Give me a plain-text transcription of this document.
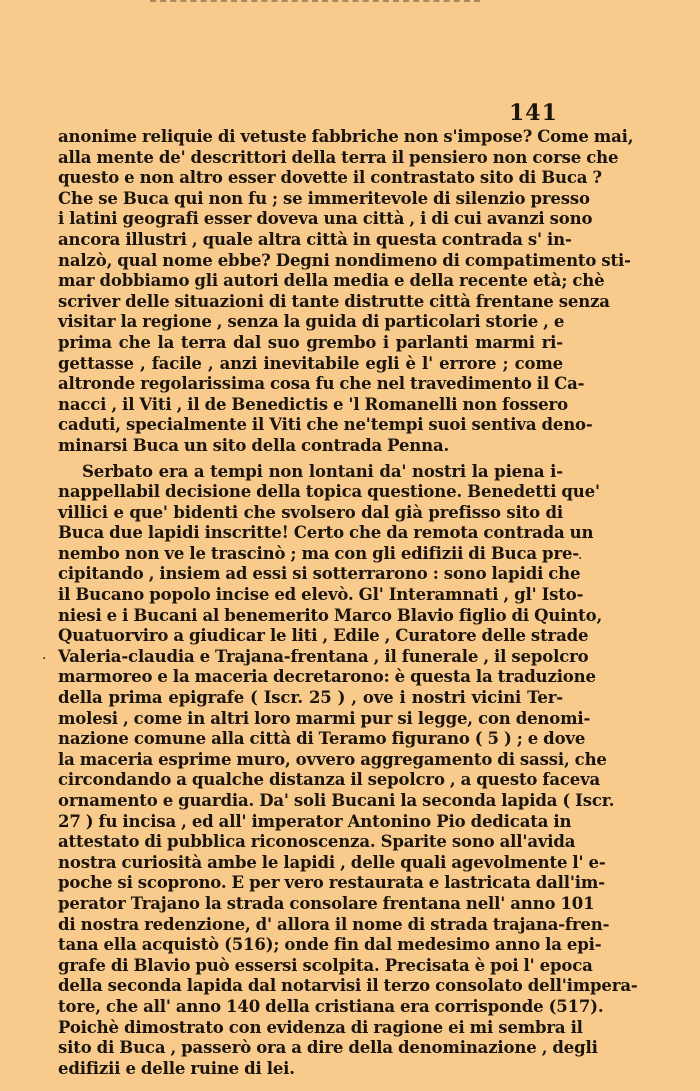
141
anonime reliquie di vetuste fabbriche non s'impose? Come mai,
alla mente de' descrittori della terra il pensiero non corse che
questo e non altro esser dovette il contrastato sito di Buca ?
Che se Buca qui non fu ; se immeritevole di silenzio presso
i latini geografi esser doveva una città , i di cui avanzi sono
ancora illustri , quale altra città in questa contrada s' in-
nalzò, qual nome ebbe? Degni nondimeno di compatimento sti-
mar dobbiamo gli autori della media e della recente età; chè
scriver delle situazioni di tante distrutte città frentane senza
visitar la regione , senza la guida di particolari storie , e
prima che la terra dal suo grembo i parlanti marmi ri-
gettasse , facile , anzi inevitabile egli è l' errore ; come
altronde regolarissima cosa fu che nel travedimento il Ca-
nacci , il Viti , il de Benedictis e 'l Romanelli non fossero
caduti, specialmente il Viti che ne'tempi suoi sentiva deno-
minarsi Buca un sito della contrada Penna.
Serbato era a tempi non lontani da' nostri la piena i-
nappellabil decisione della topica questione. Benedetti que'
villici e que' bidenti che svolsero dal già prefisso sito di
Buca due lapidi inscritte! Certo che da remota contrada un
nembo non ve le trascinò ; ma con gli edifizii di Buca pre-
cipitando , insiem ad essi si sotterrarono : sono lapidi che
il Bucano popolo incise ed elevò. Gl' Interamnati , gl' Isto-
niesi e i Bucani al benemerito Marco Blavio figlio di Quinto,
Quatuorviro a giudicar le liti , Edile , Curatore delle strade
Valeria-claudia e Trajana-frentana , il funerale , il sepolcro
marmoreo e la maceria decretarono: è questa la traduzione
della prima epigrafe ( Iscr. 25 ) , ove i nostri vicini Ter-
molesi , come in altri loro marmi pur si legge, con denomi-
nazione comune alla città di Teramo figurano ( 5 ) ; e dove
la maceria esprime muro, ovvero aggregamento di sassi, che
circondando a qualche distanza il sepolcro , a questo faceva
ornamento e guardia. Da' soli Bucani la seconda lapida ( Iscr.
27 ) fu incisa , ed all' imperator Antonino Pio dedicata in
attestato di pubblica riconoscenza. Sparite sono all'avida
nostra curiosità ambe le lapidi , delle quali agevolmente l' e-
poche si scoprono. E per vero restaurata e lastricata dall'im-
perator Trajano la strada consolare frentana nell' anno 101
di nostra redenzione, d' allora il nome di strada trajana-fren-
tana ella acquistò (516); onde fin dal medesimo anno la epi-
grafe di Blavio può essersi scolpita. Precisata è poi l' epoca
della seconda lapida dal notarvisi il terzo consolato dell'impera-
tore, che all' anno 140 della cristiana era corrisponde (517).
Poichè dimostrato con evidenza di ragione ei mi sembra il
sito di Buca , passerò ora a dire della denominazione , degli
edifizii e delle ruine di lei.
·
·
